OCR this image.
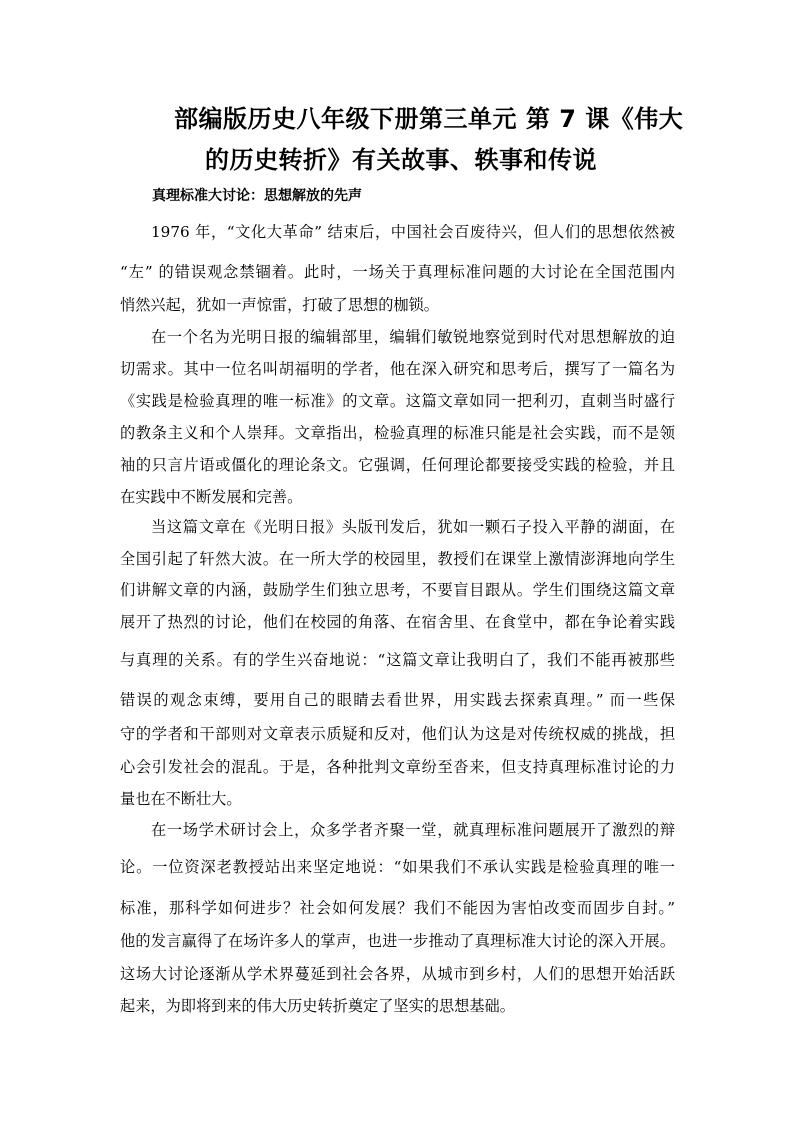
部编版历史八年级下册第三单元 第 7 课《伟大
的历史转折》有关故事、轶事和传说
真理标准大讨论：思想解放的先声
1976 年，“文化大革命” 结束后，中国社会百废待兴，但人们的思想依然被
“左” 的错误观念禁锢着。此时，一场关于真理标准问题的大讨论在全国范围内
悄然兴起，犹如一声惊雷，打破了思想的枷锁。
在一个名为光明日报的编辑部里，编辑们敏锐地察觉到时代对思想解放的迫
切需求。其中一位名叫胡福明的学者，他在深入研究和思考后，撰写了一篇名为
《实践是检验真理的唯一标准》的文章。这篇文章如同一把利刃，直刺当时盛行
的教条主义和个人崇拜。文章指出，检验真理的标准只能是社会实践，而不是领
袖的只言片语或僵化的理论条文。它强调，任何理论都要接受实践的检验，并且
在实践中不断发展和完善。
当这篇文章在《光明日报》头版刊发后，犹如一颗石子投入平静的湖面，在
全国引起了轩然大波。在一所大学的校园里，教授们在课堂上激情澎湃地向学生
们讲解文章的内涵，鼓励学生们独立思考，不要盲目跟从。学生们围绕这篇文章
展开了热烈的讨论，他们在校园的角落、在宿舍里、在食堂中，都在争论着实践
与真理的关系。有的学生兴奋地说：“这篇文章让我明白了，我们不能再被那些
错误的观念束缚，要用自己的眼睛去看世界，用实践去探索真理。” 而一些保
守的学者和干部则对文章表示质疑和反对，他们认为这是对传统权威的挑战，担
心会引发社会的混乱。于是，各种批判文章纷至沓来，但支持真理标准讨论的力
量也在不断壮大。
在一场学术研讨会上，众多学者齐聚一堂，就真理标准问题展开了激烈的辩
论。一位资深老教授站出来坚定地说：“如果我们不承认实践是检验真理的唯一
标准，那科学如何进步？社会如何发展？我们不能因为害怕改变而固步自封。”
他的发言赢得了在场许多人的掌声，也进一步推动了真理标准大讨论的深入开展。
这场大讨论逐渐从学术界蔓延到社会各界，从城市到乡村，人们的思想开始活跃
起来，为即将到来的伟大历史转折奠定了坚实的思想基础。
